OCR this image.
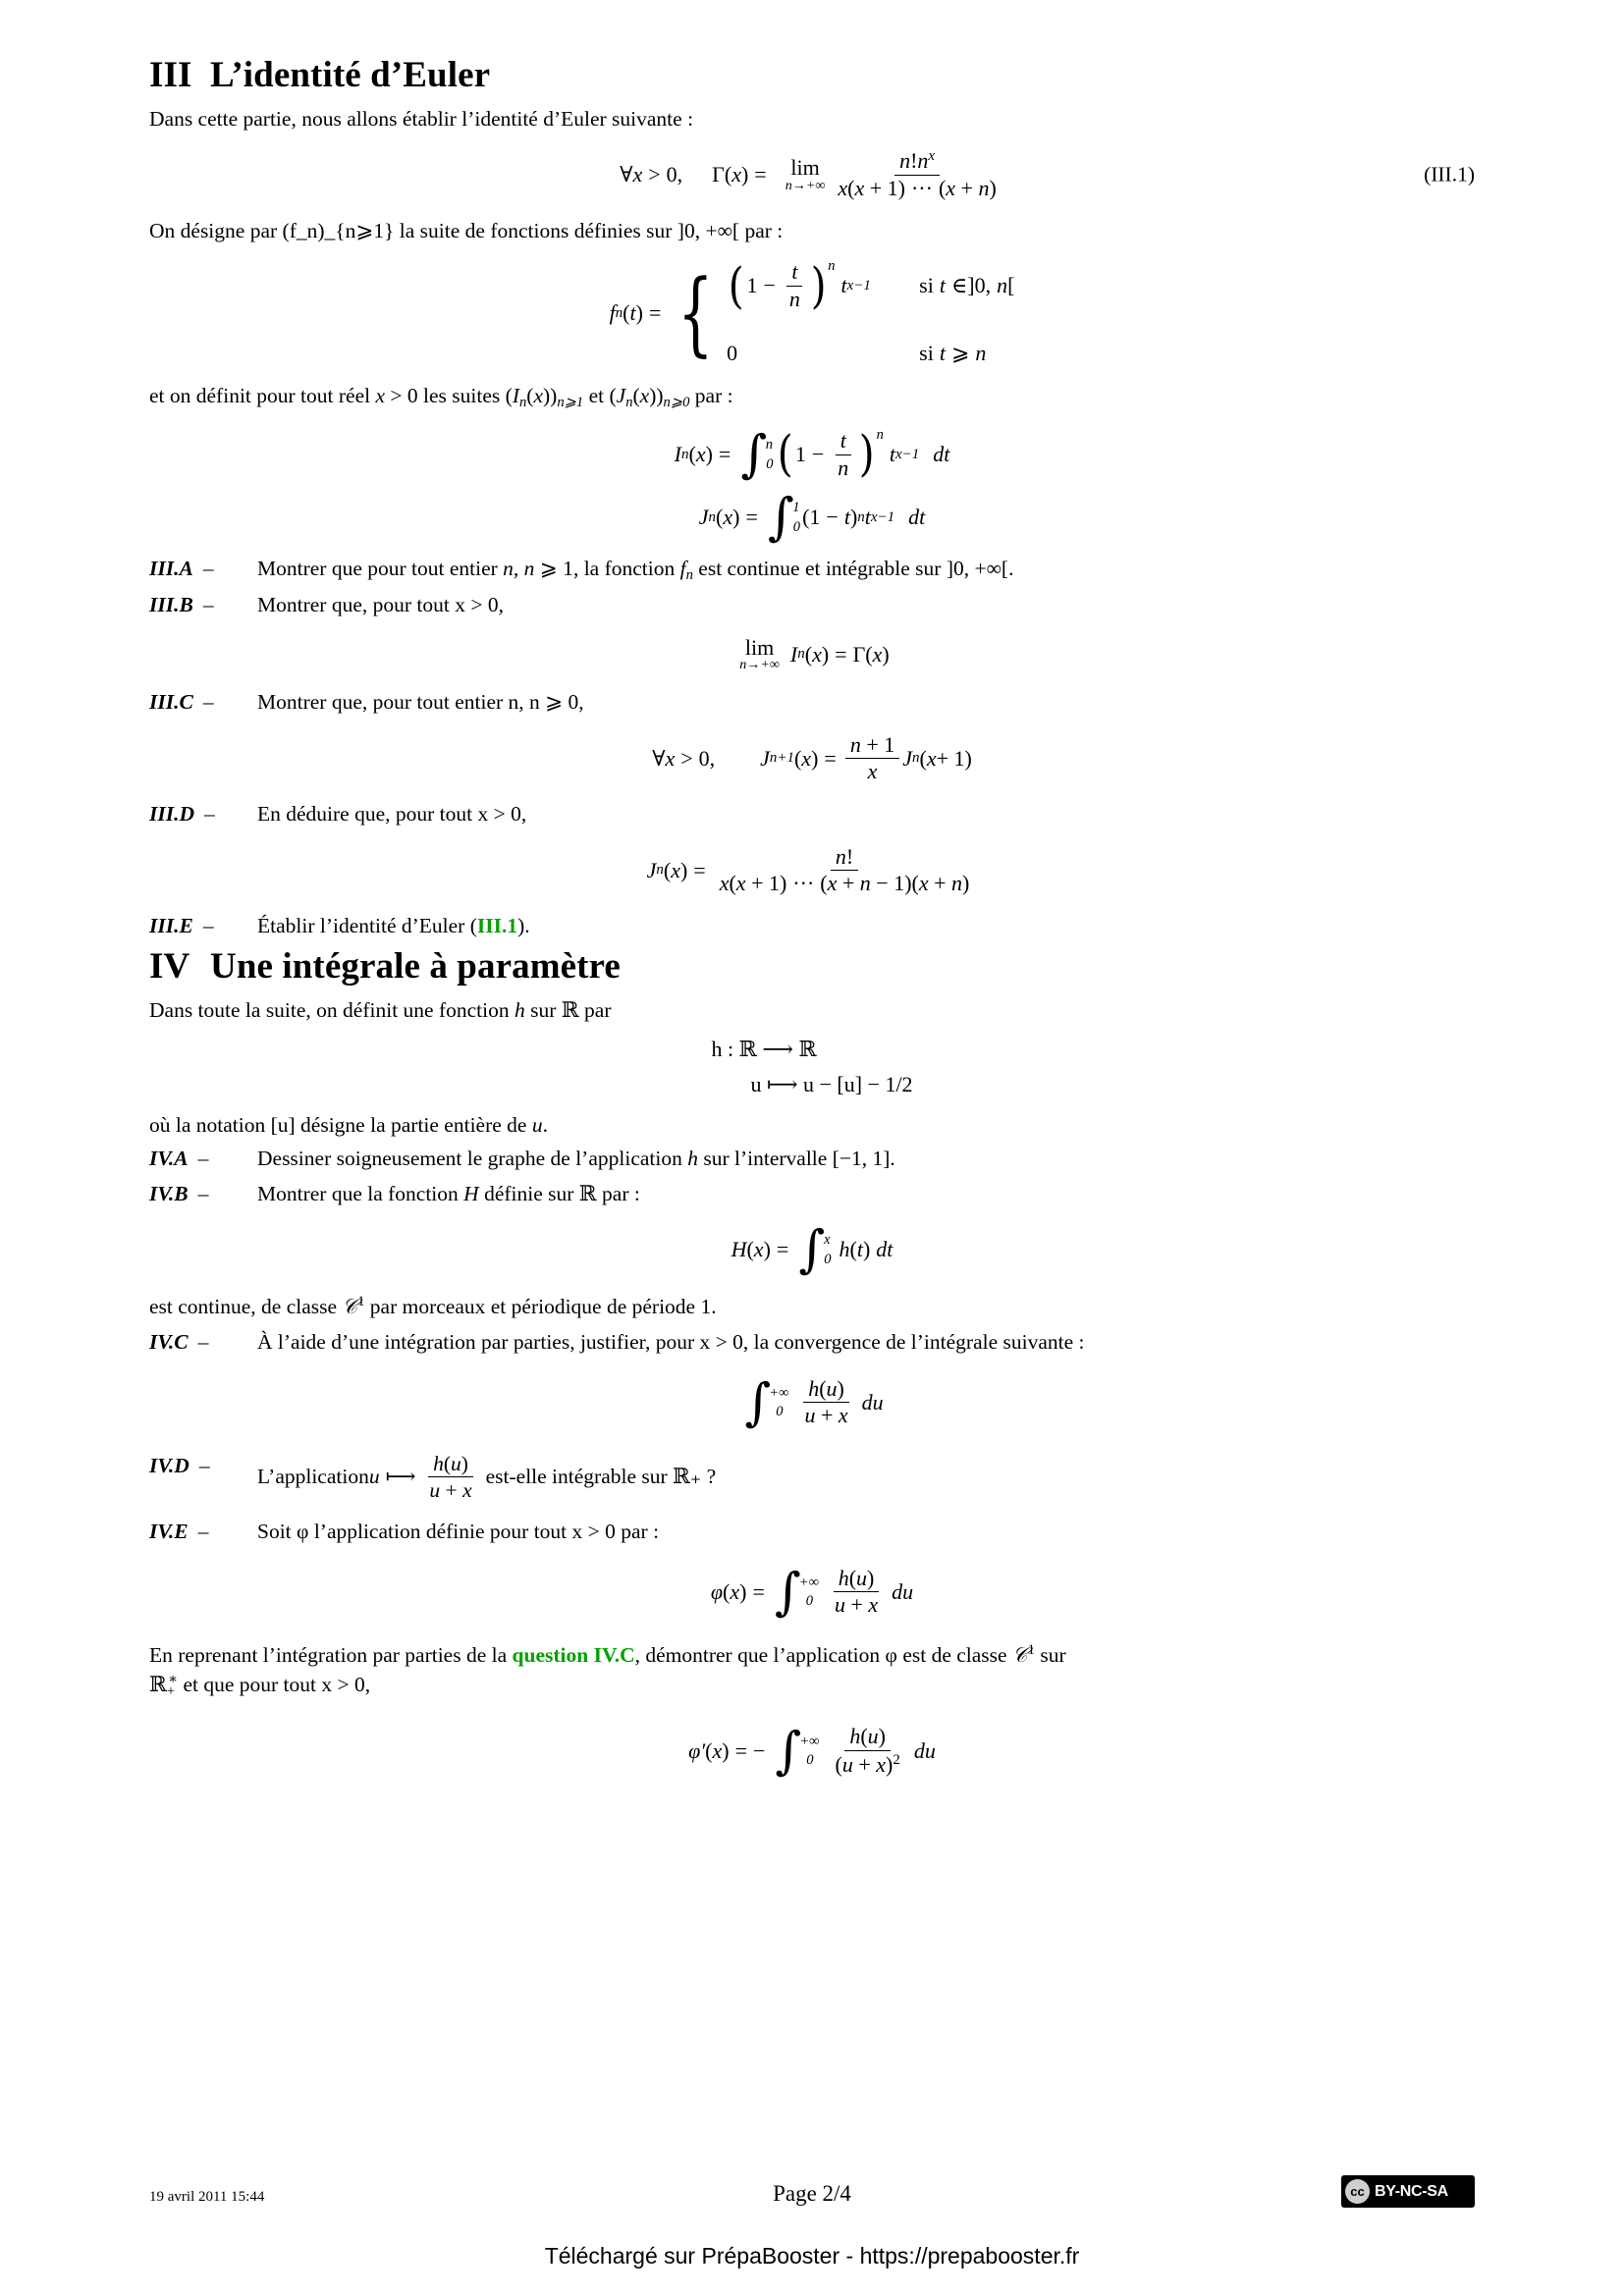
III L’identité d’Euler

Dans cette partie, nous allons établir l’identité d’Euler suivante :

∀ x > 0, Γ ( x ) = lim
$n\to+\infty \frac{n!n^x}{x(x + 1) \cdot\cdot\cdot (x + n)}$	(III.1)

On désigne par (f_n)_{n⩾1} la suite de fonctions définies sur ]0, +∞[ par :

f n ( t ) = { ( $1 - \frac{t}{n}$ ) n
t x−1 si t ∈ ]0, n [
0	si t ⩾ n

et on définit pour tout réel x > 0 les suites $(I_n(x))_{n⩾1}$ et $(J_n(x))_{n⩾0}$ par :

I n ( x ) = ∫
n
0 ( $1 - \frac{t}{n}$ ) n
t x−1 dt
J n ( x ) = ∫
1
0 (1 − t ) n t x−1 dt
III.A –	Montrer que pour tout entier n, n ⩾ 1, la fonction $f_n$ est continue et intégrable sur ]0, +∞[.
III.B –	Montrer que, pour tout x > 0,
lim
n→+∞ I n ( x ) = Γ ( x )
III.C –	Montrer que, pour tout entier n, n ⩾ 0,
∀ x > 0, J n+1 ( x ) = $\frac{n + 1}{x}$ J n ( x + 1)
III.D –	En déduire que, pour tout x > 0,
J n ( x ) = $\frac{n!}{x(x + 1) \cdot\cdot\cdot (x + n - 1)(x + n)}$
III.E –	Établir l’identité d’Euler (III.1).
IV Une intégrale à paramètre

Dans toute la suite, on définit une fonction h sur ℝ par

h : ℝ ⟶ ℝ
u ⟼ u − [u] − 1/2

où la notation [u] désigne la partie entière de u.

IV.A –	Dessiner soigneusement le graphe de l’application h sur l’intervalle [−1, 1].
IV.B –	Montrer que la fonction H définie sur ℝ par :
H ( x ) = ∫
x
0 h ( t ) dt

est continue, de classe 𝒞$^1$ par morceaux et périodique de période 1.

IV.C –	À l’aide d’une intégration par parties, justifier, pour x > 0, la convergence de l’intégrale suivante :
∫
+∞
$0 \frac{h(u)}{u + x}$ du
IV.D –	L’application u ⟼ $\frac{h(u)}{u + x}$ est-elle intégrable sur ℝ₊ ?
IV.E –	Soit φ l’application définie pour tout x > 0 par :
φ ( x ) = ∫
+∞
$0 \frac{h(u)}{u + x}$ du

En reprenant l’intégration par parties de la question IV.C, démontrer que l’application φ est de classe 𝒞$^1$ sur
ℝ$_+$∗ et que pour tout x > 0,

φ ′ ( x ) = − ∫
+∞
$0 \frac{h(u)}{(u + x)^2}$ du
19 avril 2011 15:44	Page 2/4	cc BY-NC-SA
Téléchargé sur PrépaBooster - https://prepabooster.fr
